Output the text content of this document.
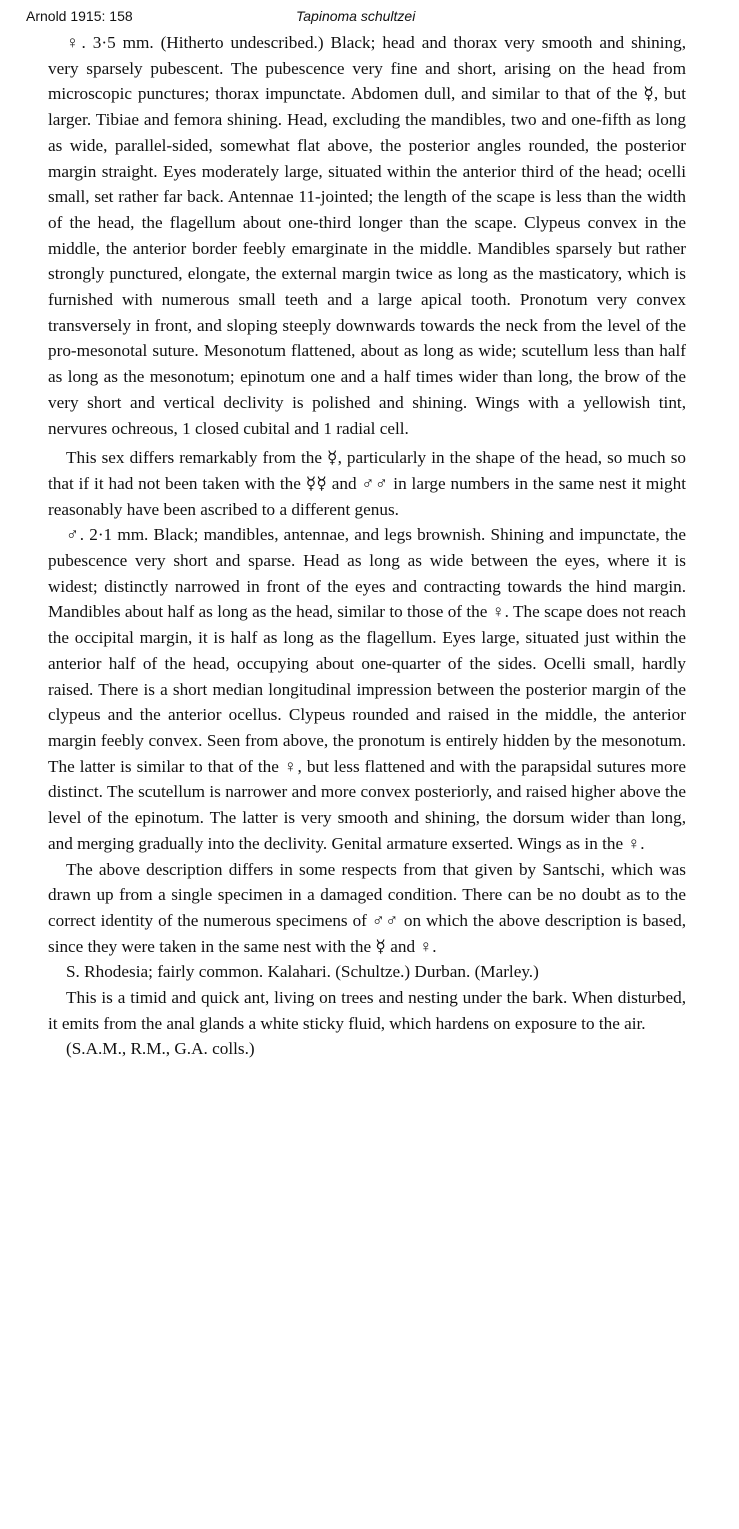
Arnold 1915: 158	Tapinoma schultzei

♀. 3·5 mm. (Hitherto undescribed.) Black; head and thorax very smooth and shining, very sparsely pubescent. The pubescence very fine and short, arising on the head from microscopic punctures; thorax impunctate. Abdomen dull, and similar to that of the ☿, but larger. Tibiae and femora shining. Head, excluding the mandibles, two and one-fifth as long as wide, parallel-sided, somewhat flat above, the posterior angles rounded, the posterior margin straight. Eyes moderately large, situated within the anterior third of the head; ocelli small, set rather far back. Antennae 11-jointed; the length of the scape is less than the width of the head, the flagellum about one-third longer than the scape. Clypeus convex in the middle, the anterior border feebly emarginate in the middle. Mandibles sparsely but rather strongly punctured, elongate, the external margin twice as long as the masticatory, which is furnished with numerous small teeth and a large apical tooth. Pronotum very convex transversely in front, and sloping steeply downwards towards the neck from the level of the pro-mesonotal suture. Mesonotum flattened, about as long as wide; scutellum less than half as long as the mesonotum; epinotum one and a half times wider than long, the brow of the very short and vertical declivity is polished and shining. Wings with a yellowish tint, nervures ochreous, 1 closed cubital and 1 radial cell.

This sex differs remarkably from the ☿, particularly in the shape of the head, so much so that if it had not been taken with the ☿☿ and ♂♂ in large numbers in the same nest it might reasonably have been ascribed to a different genus.

♂. 2·1 mm. Black; mandibles, antennae, and legs brownish. Shining and impunctate, the pubescence very short and sparse. Head as long as wide between the eyes, where it is widest; distinctly narrowed in front of the eyes and contracting towards the hind margin. Mandibles about half as long as the head, similar to those of the ♀. The scape does not reach the occipital margin, it is half as long as the flagellum. Eyes large, situated just within the anterior half of the head, occupying about one-quarter of the sides. Ocelli small, hardly raised. There is a short median longitudinal impression between the posterior margin of the clypeus and the anterior ocellus. Clypeus rounded and raised in the middle, the anterior margin feebly convex. Seen from above, the pronotum is entirely hidden by the mesonotum. The latter is similar to that of the ♀, but less flattened and with the parapsidal sutures more distinct. The scutellum is narrower and more convex posteriorly, and raised higher above the level of the epinotum. The latter is very smooth and shining, the dorsum wider than long, and merging gradually into the declivity. Genital armature exserted. Wings as in the ♀.

The above description differs in some respects from that given by Santschi, which was drawn up from a single specimen in a damaged condition. There can be no doubt as to the correct identity of the numerous specimens of ♂♂ on which the above description is based, since they were taken in the same nest with the ☿ and ♀.

S. Rhodesia; fairly common. Kalahari. (Schultze.) Durban. (Marley.)

This is a timid and quick ant, living on trees and nesting under the bark. When disturbed, it emits from the anal glands a white sticky fluid, which hardens on exposure to the air.

(S.A.M., R.M., G.A. colls.)
